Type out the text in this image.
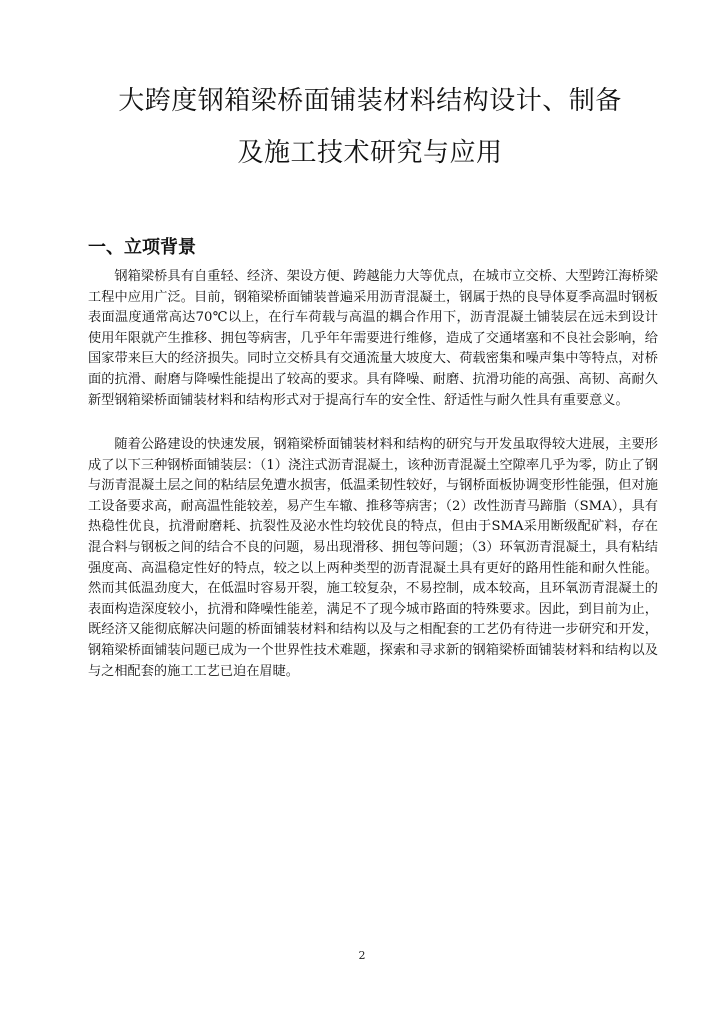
大跨度钢箱梁桥面铺装材料结构设计、制备
及施工技术研究与应用
一、立项背景

钢箱梁桥具有自重轻、经济、架设方便、跨越能力大等优点，在城市立交桥、大型跨江海桥梁工程中应用广泛。目前，钢箱梁桥面铺装普遍采用沥青混凝土，钢属于热的良导体夏季高温时钢板表面温度通常高达70℃以上，在行车荷载与高温的耦合作用下，沥青混凝土铺装层在远未到设计使用年限就产生推移、拥包等病害，几乎年年需要进行维修，造成了交通堵塞和不良社会影响，给国家带来巨大的经济损失。同时立交桥具有交通流量大坡度大、荷载密集和噪声集中等特点，对桥面的抗滑、耐磨与降噪性能提出了较高的要求。具有降噪、耐磨、抗滑功能的高强、高韧、高耐久新型钢箱梁桥面铺装材料和结构形式对于提高行车的安全性、舒适性与耐久性具有重要意义。

随着公路建设的快速发展，钢箱梁桥面铺装材料和结构的研究与开发虽取得较大进展，主要形成了以下三种钢桥面铺装层：（1）浇注式沥青混凝土，该种沥青混凝土空隙率几乎为零，防止了钢与沥青混凝土层之间的粘结层免遭水损害，低温柔韧性较好，与钢桥面板协调变形性能强，但对施工设备要求高，耐高温性能较差，易产生车辙、推移等病害；（2）改性沥青马蹄脂（SMA），具有热稳性优良，抗滑耐磨耗、抗裂性及泌水性均较优良的特点，但由于SMA采用断级配矿料，存在混合料与钢板之间的结合不良的问题，易出现滑移、拥包等问题；（3）环氧沥青混凝土，具有粘结强度高、高温稳定性好的特点，较之以上两种类型的沥青混凝土具有更好的路用性能和耐久性能。然而其低温劲度大，在低温时容易开裂，施工较复杂，不易控制，成本较高，且环氧沥青混凝土的表面构造深度较小，抗滑和降噪性能差，满足不了现今城市路面的特殊要求。因此，到目前为止，既经济又能彻底解决问题的桥面铺装材料和结构以及与之相配套的工艺仍有待进一步研究和开发，钢箱梁桥面铺装问题已成为一个世界性技术难题，探索和寻求新的钢箱梁桥面铺装材料和结构以及与之相配套的施工工艺已迫在眉睫。

2
